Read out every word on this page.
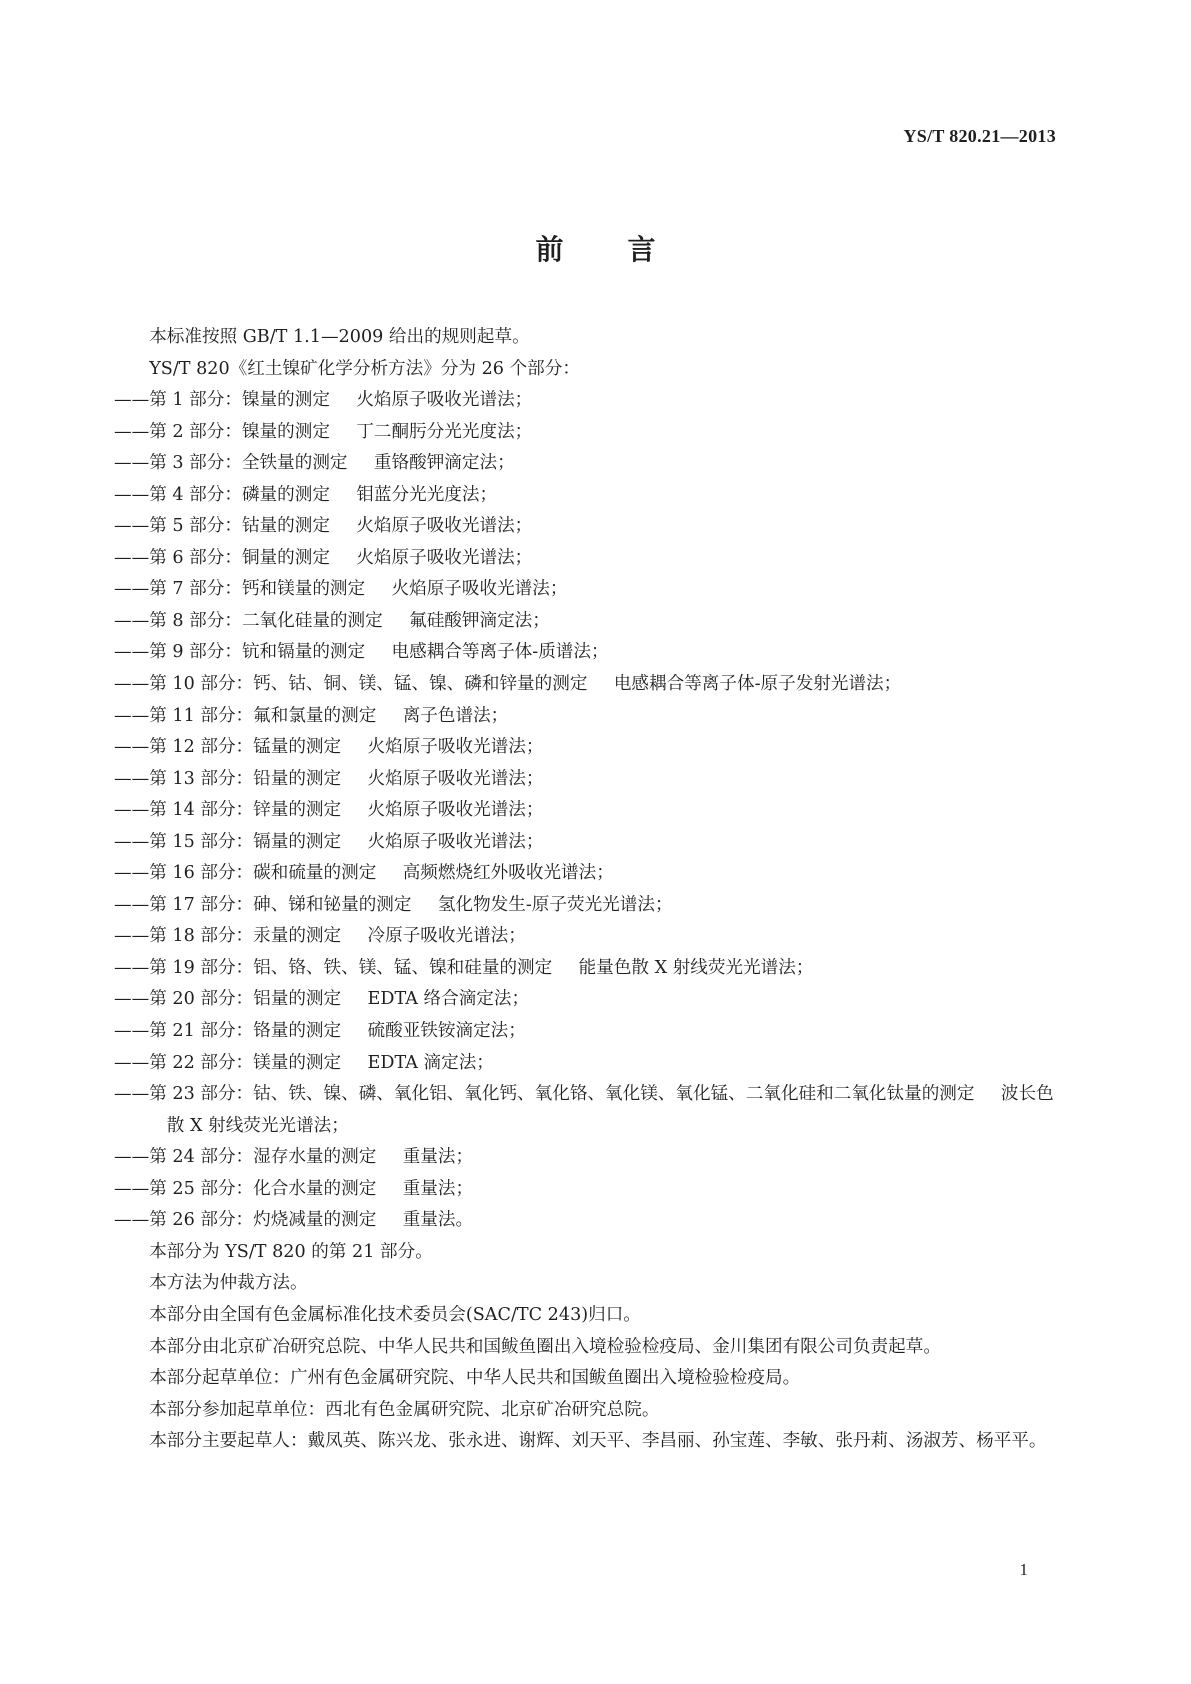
YS/T 820.21—2013
前 言

本标准按照 GB/T 1.1—2009 给出的规则起草。

YS/T 820《红土镍矿化学分析方法》分为 26 个部分：

——第 1 部分：镍量的测定 火焰原子吸收光谱法；

——第 2 部分：镍量的测定 丁二酮肟分光光度法；

——第 3 部分：全铁量的测定 重铬酸钾滴定法；

——第 4 部分：磷量的测定 钼蓝分光光度法；

——第 5 部分：钴量的测定 火焰原子吸收光谱法；

——第 6 部分：铜量的测定 火焰原子吸收光谱法；

——第 7 部分：钙和镁量的测定 火焰原子吸收光谱法；

——第 8 部分：二氧化硅量的测定 氟硅酸钾滴定法；

——第 9 部分：钪和镉量的测定 电感耦合等离子体-质谱法；

——第 10 部分：钙、钴、铜、镁、锰、镍、磷和锌量的测定 电感耦合等离子体-原子发射光谱法；

——第 11 部分：氟和氯量的测定 离子色谱法；

——第 12 部分：锰量的测定 火焰原子吸收光谱法；

——第 13 部分：铅量的测定 火焰原子吸收光谱法；

——第 14 部分：锌量的测定 火焰原子吸收光谱法；

——第 15 部分：镉量的测定 火焰原子吸收光谱法；

——第 16 部分：碳和硫量的测定 高频燃烧红外吸收光谱法；

——第 17 部分：砷、锑和铋量的测定 氢化物发生-原子荧光光谱法；

——第 18 部分：汞量的测定 冷原子吸收光谱法；

——第 19 部分：铝、铬、铁、镁、锰、镍和硅量的测定 能量色散 X 射线荧光光谱法；

——第 20 部分：铝量的测定 EDTA 络合滴定法；

——第 21 部分：铬量的测定 硫酸亚铁铵滴定法；

——第 22 部分：镁量的测定 EDTA 滴定法；

——第 23 部分：钴、铁、镍、磷、氧化铝、氧化钙、氧化铬、氧化镁、氧化锰、二氧化硅和二氧化钛量的测定 波长色散 X 射线荧光光谱法；

——第 24 部分：湿存水量的测定 重量法；

——第 25 部分：化合水量的测定 重量法；

——第 26 部分：灼烧减量的测定 重量法。

本部分为 YS/T 820 的第 21 部分。

本方法为仲裁方法。

本部分由全国有色金属标准化技术委员会(SAC/TC 243)归口。

本部分由北京矿冶研究总院、中华人民共和国鲅鱼圈出入境检验检疫局、金川集团有限公司负责起草。

本部分起草单位：广州有色金属研究院、中华人民共和国鲅鱼圈出入境检验检疫局。

本部分参加起草单位：西北有色金属研究院、北京矿冶研究总院。

本部分主要起草人：戴凤英、陈兴龙、张永进、谢辉、刘天平、李昌丽、孙宝莲、李敏、张丹莉、汤淑芳、杨平平。

1
